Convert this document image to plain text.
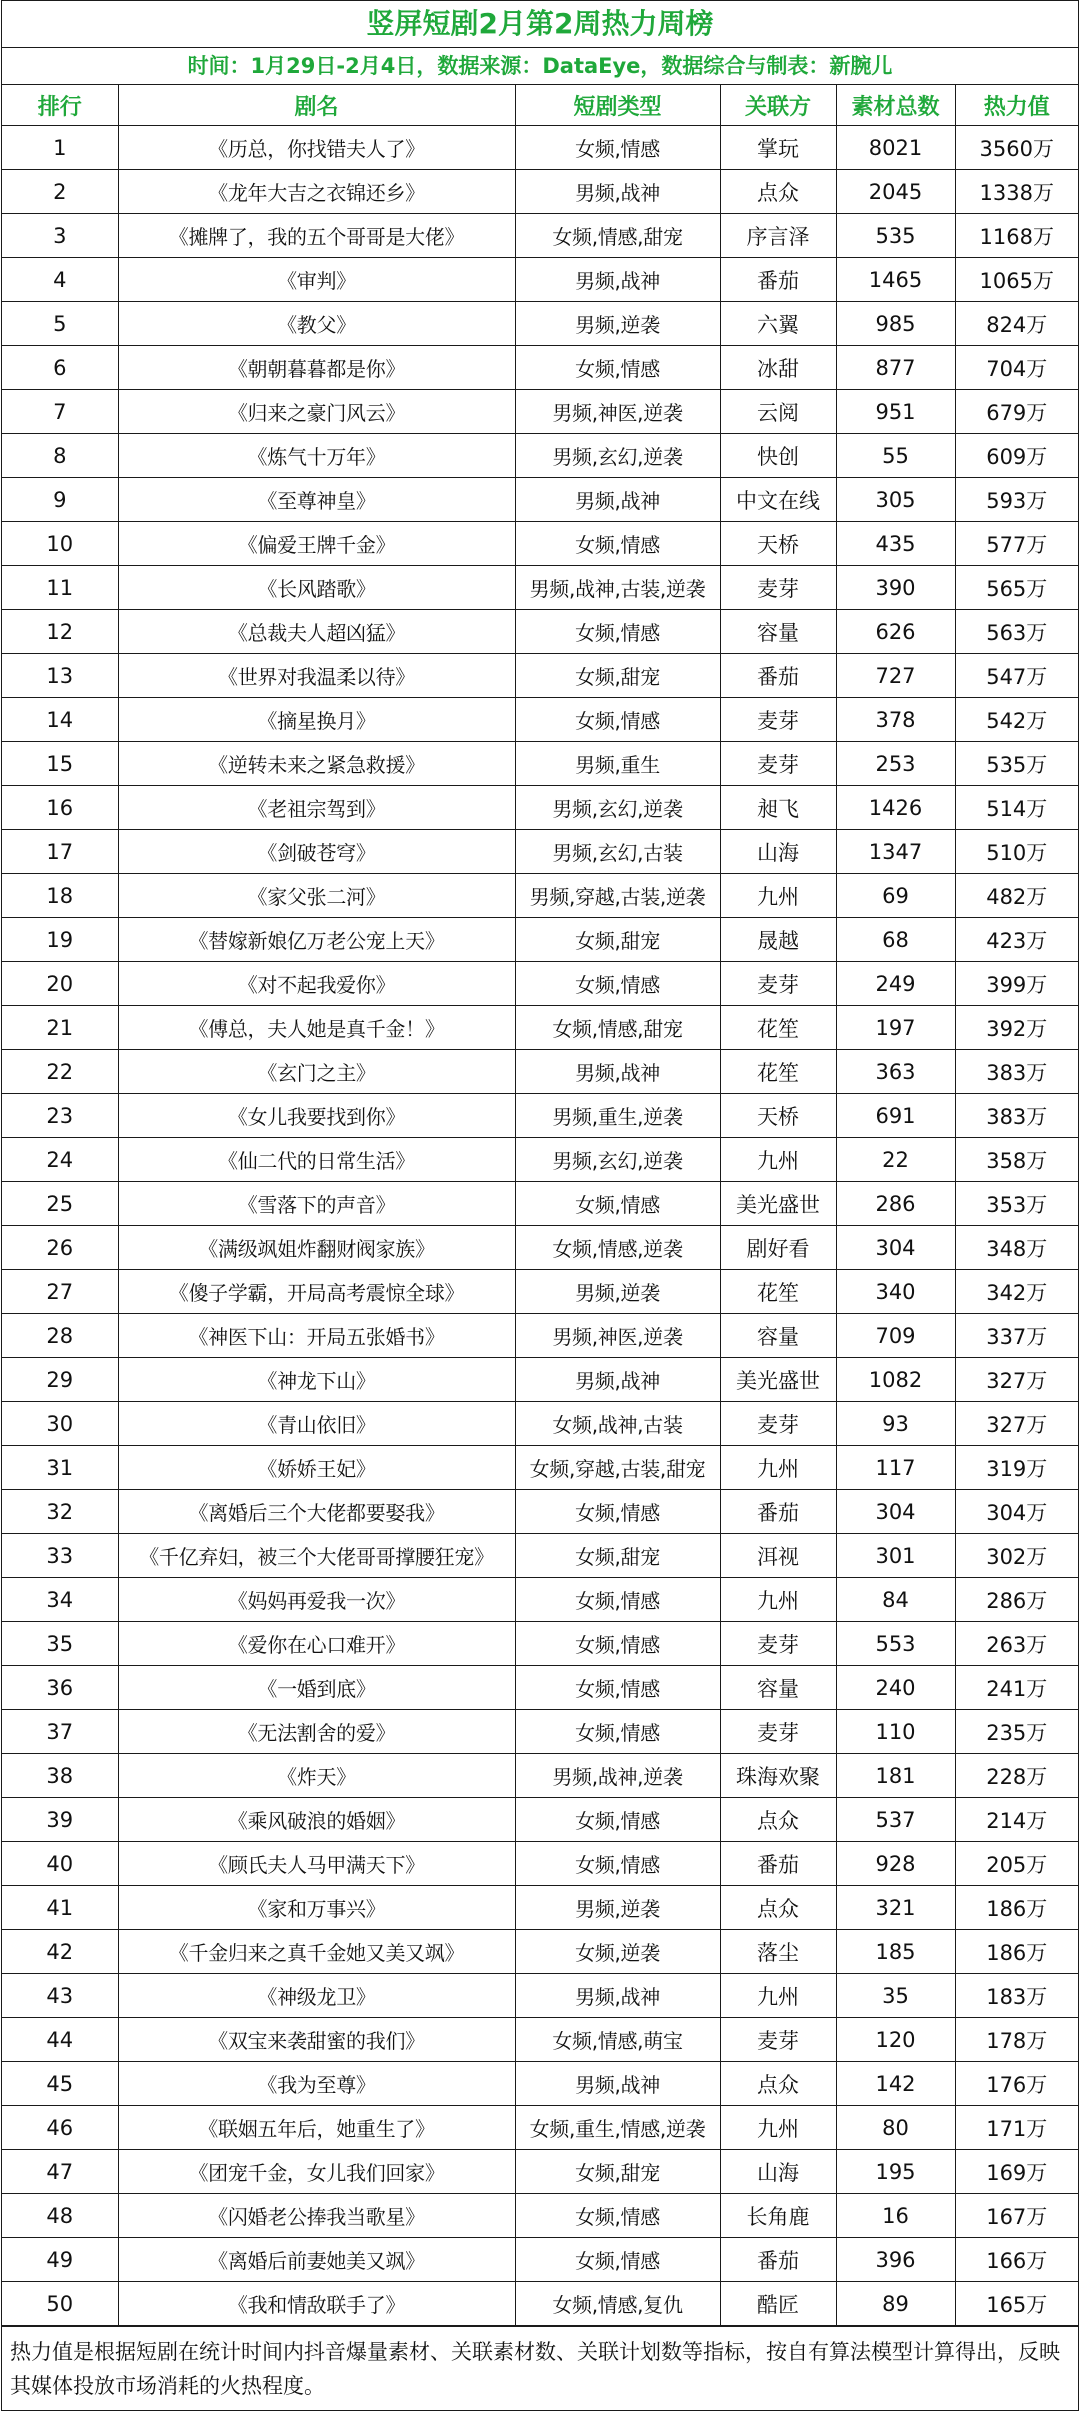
竖屏短剧2月第2周热力周榜
时间：1月29日-2月4日，数据来源：DataEye，数据综合与制表：新腕儿
排行	剧名	短剧类型	关联方	素材总数	热力值
1	《历总，你找错夫人了》	女频,情感	掌玩	8021	3560万
2	《龙年大吉之衣锦还乡》	男频,战神	点众	2045	1338万
3	《摊牌了，我的五个哥哥是大佬》	女频,情感,甜宠	序言泽	535	1168万
4	《审判》	男频,战神	番茄	1465	1065万
5	《教父》	男频,逆袭	六翼	985	824万
6	《朝朝暮暮都是你》	女频,情感	冰甜	877	704万
7	《归来之豪门风云》	男频,神医,逆袭	云阅	951	679万
8	《炼气十万年》	男频,玄幻,逆袭	快创	55	609万
9	《至尊神皇》	男频,战神	中文在线	305	593万
10	《偏爱王牌千金》	女频,情感	天桥	435	577万
11	《长风踏歌》	男频,战神,古装,逆袭	麦芽	390	565万
12	《总裁夫人超凶猛》	女频,情感	容量	626	563万
13	《世界对我温柔以待》	女频,甜宠	番茄	727	547万
14	《摘星换月》	女频,情感	麦芽	378	542万
15	《逆转未来之紧急救援》	男频,重生	麦芽	253	535万
16	《老祖宗驾到》	男频,玄幻,逆袭	昶飞	1426	514万
17	《剑破苍穹》	男频,玄幻,古装	山海	1347	510万
18	《家父张二河》	男频,穿越,古装,逆袭	九州	69	482万
19	《替嫁新娘亿万老公宠上天》	女频,甜宠	晟越	68	423万
20	《对不起我爱你》	女频,情感	麦芽	249	399万
21	《傅总，夫人她是真千金！》	女频,情感,甜宠	花笙	197	392万
22	《玄门之主》	男频,战神	花笙	363	383万
23	《女儿我要找到你》	男频,重生,逆袭	天桥	691	383万
24	《仙二代的日常生活》	男频,玄幻,逆袭	九州	22	358万
25	《雪落下的声音》	女频,情感	美光盛世	286	353万
26	《满级飒姐炸翻财阀家族》	女频,情感,逆袭	剧好看	304	348万
27	《傻子学霸，开局高考震惊全球》	男频,逆袭	花笙	340	342万
28	《神医下山：开局五张婚书》	男频,神医,逆袭	容量	709	337万
29	《神龙下山》	男频,战神	美光盛世	1082	327万
30	《青山依旧》	女频,战神,古装	麦芽	93	327万
31	《娇娇王妃》	女频,穿越,古装,甜宠	九州	117	319万
32	《离婚后三个大佬都要娶我》	女频,情感	番茄	304	304万
33	《千亿弃妇，被三个大佬哥哥撑腰狂宠》	女频,甜宠	洱视	301	302万
34	《妈妈再爱我一次》	女频,情感	九州	84	286万
35	《爱你在心口难开》	女频,情感	麦芽	553	263万
36	《一婚到底》	女频,情感	容量	240	241万
37	《无法割舍的爱》	女频,情感	麦芽	110	235万
38	《炸天》	男频,战神,逆袭	珠海欢聚	181	228万
39	《乘风破浪的婚姻》	女频,情感	点众	537	214万
40	《顾氏夫人马甲满天下》	女频,情感	番茄	928	205万
41	《家和万事兴》	男频,逆袭	点众	321	186万
42	《千金归来之真千金她又美又飒》	女频,逆袭	落尘	185	186万
43	《神级龙卫》	男频,战神	九州	35	183万
44	《双宝来袭甜蜜的我们》	女频,情感,萌宝	麦芽	120	178万
45	《我为至尊》	男频,战神	点众	142	176万
46	《联姻五年后，她重生了》	女频,重生,情感,逆袭	九州	80	171万
47	《团宠千金，女儿我们回家》	女频,甜宠	山海	195	169万
48	《闪婚老公捧我当歌星》	女频,情感	长角鹿	16	167万
49	《离婚后前妻她美又飒》	女频,情感	番茄	396	166万
50	《我和情敌联手了》	女频,情感,复仇	酷匠	89	165万
热力值是根据短剧在统计时间内抖音爆量素材、关联素材数、关联计划数等指标，按自有算法模型计算得出，反映其媒体投放市场消耗的火热程度。
